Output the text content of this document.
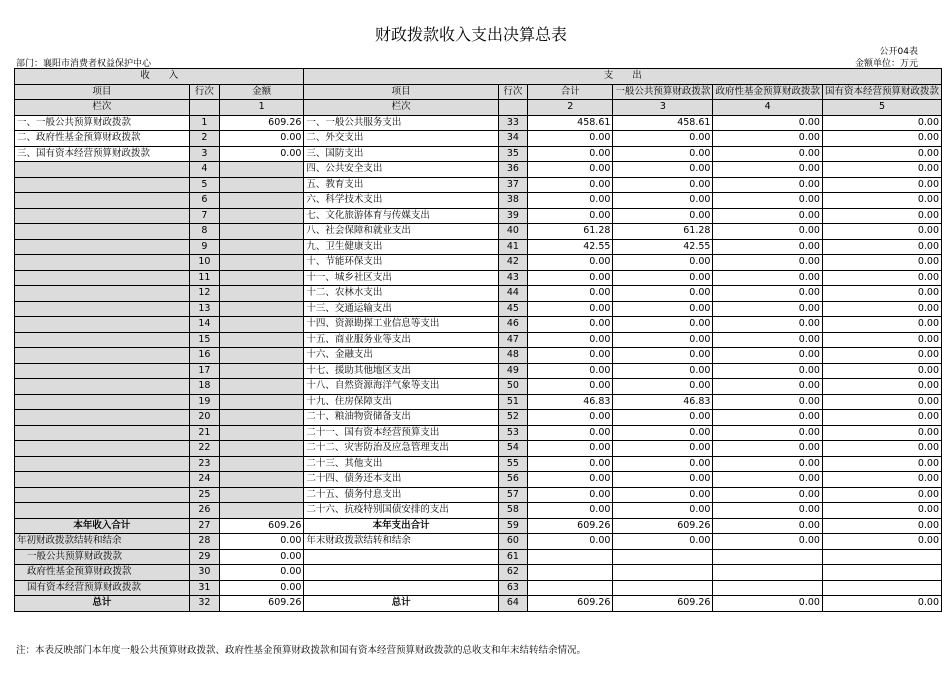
财政拨款收入支出决算总表
公开04表
部门：襄阳市消费者权益保护中心	金额单位：万元
收　　入			支　　出					
项目	行次	金额	项目	行次	合计	一般公共预算财政拨款	政府性基金预算财政拨款	国有资本经营预算财政拨款
栏次		1	栏次		2	3	4	5
一、一般公共预算财政拨款	1	609.26	一、一般公共服务支出	33	458.61	458.61	0.00	0.00
二、政府性基金预算财政拨款	2	0.00	二、外交支出	34	0.00	0.00	0.00	0.00
三、国有资本经营预算财政拨款	3	0.00	三、国防支出	35	0.00	0.00	0.00	0.00
	4		四、公共安全支出	36	0.00	0.00	0.00	0.00
	5		五、教育支出	37	0.00	0.00	0.00	0.00
	6		六、科学技术支出	38	0.00	0.00	0.00	0.00
	7		七、文化旅游体育与传媒支出	39	0.00	0.00	0.00	0.00
	8		八、社会保障和就业支出	40	61.28	61.28	0.00	0.00
	9		九、卫生健康支出	41	42.55	42.55	0.00	0.00
	10		十、节能环保支出	42	0.00	0.00	0.00	0.00
	11		十一、城乡社区支出	43	0.00	0.00	0.00	0.00
	12		十二、农林水支出	44	0.00	0.00	0.00	0.00
	13		十三、交通运输支出	45	0.00	0.00	0.00	0.00
	14		十四、资源勘探工业信息等支出	46	0.00	0.00	0.00	0.00
	15		十五、商业服务业等支出	47	0.00	0.00	0.00	0.00
	16		十六、金融支出	48	0.00	0.00	0.00	0.00
	17		十七、援助其他地区支出	49	0.00	0.00	0.00	0.00
	18		十八、自然资源海洋气象等支出	50	0.00	0.00	0.00	0.00
	19		十九、住房保障支出	51	46.83	46.83	0.00	0.00
	20		二十、粮油物资储备支出	52	0.00	0.00	0.00	0.00
	21		二十一、国有资本经营预算支出	53	0.00	0.00	0.00	0.00
	22		二十二、灾害防治及应急管理支出	54	0.00	0.00	0.00	0.00
	23		二十三、其他支出	55	0.00	0.00	0.00	0.00
	24		二十四、债务还本支出	56	0.00	0.00	0.00	0.00
	25		二十五、债务付息支出	57	0.00	0.00	0.00	0.00
	26		二十六、抗疫特别国债安排的支出	58	0.00	0.00	0.00	0.00
本年收入合计	27	609.26	本年支出合计	59	609.26	609.26	0.00	0.00
年初财政拨款结转和结余	28	0.00	年末财政拨款结转和结余	60	0.00	0.00	0.00	0.00
一般公共预算财政拨款	29	0.00		61				
政府性基金预算财政拨款	30	0.00		62				
国有资本经营预算财政拨款	31	0.00		63				
总计	32	609.26	总计	64	609.26	609.26	0.00	0.00
注：本表反映部门本年度一般公共预算财政拨款、政府性基金预算财政拨款和国有资本经营预算财政拨款的总收支和年末结转结余情况。
